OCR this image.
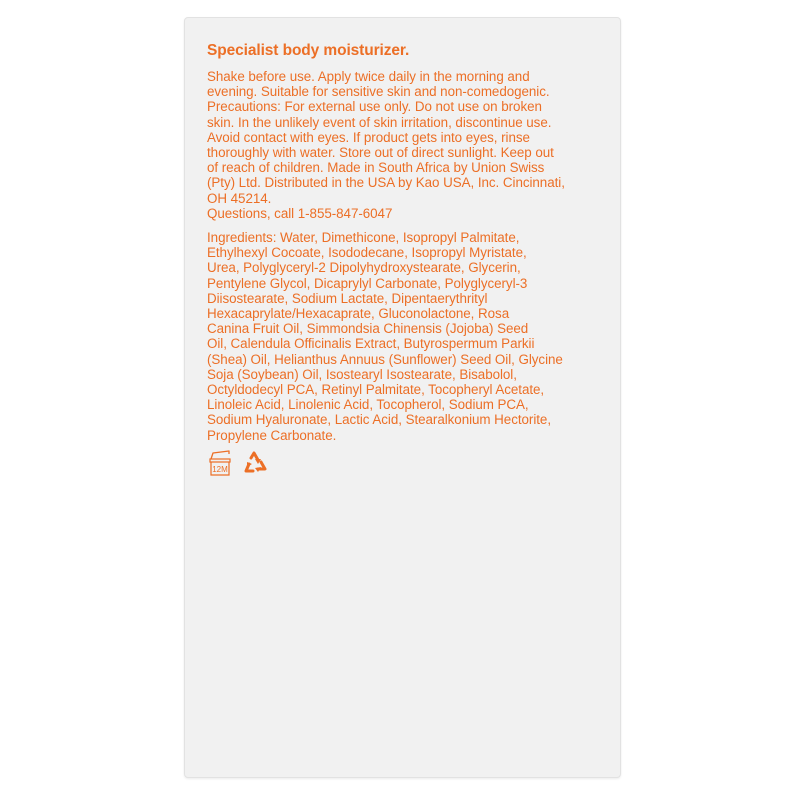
Specialist body moisturizer.
Shake before use. Apply twice daily in the morning and
evening. Suitable for sensitive skin and non-comedogenic.
Precautions: For external use only. Do not use on broken
skin. In the unlikely event of skin irritation, discontinue use.
Avoid contact with eyes. If product gets into eyes, rinse
thoroughly with water. Store out of direct sunlight. Keep out
of reach of children. Made in South Africa by Union Swiss
(Pty) Ltd. Distributed in the USA by Kao USA, Inc. Cincinnati,
OH 45214.
Questions, call 1-855-847-6047
Ingredients: Water, Dimethicone, Isopropyl Palmitate,
Ethylhexyl Cocoate, Isododecane, Isopropyl Myristate,
Urea, Polyglyceryl-2 Dipolyhydroxystearate, Glycerin,
Pentylene Glycol, Dicaprylyl Carbonate, Polyglyceryl-3
Diisostearate, Sodium Lactate, Dipentaerythrityl
Hexacaprylate/Hexacaprate, Gluconolactone, Rosa
Canina Fruit Oil, Simmondsia Chinensis (Jojoba) Seed
Oil, Calendula Officinalis Extract, Butyrospermum Parkii
(Shea) Oil, Helianthus Annuus (Sunflower) Seed Oil, Glycine
Soja (Soybean) Oil, Isostearyl Isostearate, Bisabolol,
Octyldodecyl PCA, Retinyl Palmitate, Tocopheryl Acetate,
Linoleic Acid, Linolenic Acid, Tocopherol, Sodium PCA,
Sodium Hyaluronate, Lactic Acid, Stearalkonium Hectorite,
Propylene Carbonate.
12M
